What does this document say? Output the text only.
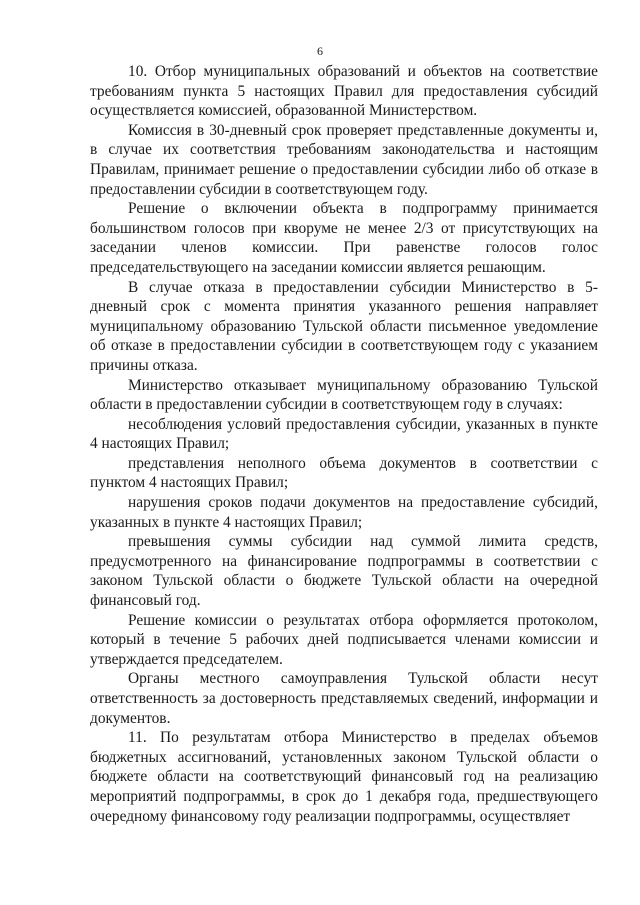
6

10. Отбор муниципальных образований и объектов на соответствие требованиям пункта 5 настоящих Правил для предоставления субсидий осуществляется комиссией, образованной Министерством.

Комиссия в 30-дневный срок проверяет представленные документы и, в случае их соответствия требованиям законодательства и настоящим Правилам, принимает решение о предоставлении субсидии либо об отказе в предоставлении субсидии в соответствующем году.

Решение о включении объекта в подпрограмму принимается большинством голосов при кворуме не менее 2/3 от присутствующих на заседании членов комиссии. При равенстве голосов голос председательствующего на заседании комиссии является решающим.

В случае отказа в предоставлении субсидии Министерство в 5-дневный срок с момента принятия указанного решения направляет муниципальному образованию Тульской области письменное уведомление об отказе в предоставлении субсидии в соответствующем году с указанием причины отказа.

Министерство отказывает муниципальному образованию Тульской области в предоставлении субсидии в соответствующем году в случаях:

несоблюдения условий предоставления субсидии, указанных в пункте 4 настоящих Правил;

представления неполного объема документов в соответствии с пунктом 4 настоящих Правил;

нарушения сроков подачи документов на предоставление субсидий, указанных в пункте 4 настоящих Правил;

превышения суммы субсидии над суммой лимита средств, предусмотренного на финансирование подпрограммы в соответствии с законом Тульской области о бюджете Тульской области на очередной финансовый год.

Решение комиссии о результатах отбора оформляется протоколом, который в течение 5 рабочих дней подписывается членами комиссии и утверждается председателем.

Органы местного самоуправления Тульской области несут ответственность за достоверность представляемых сведений, информации и документов.

11. По результатам отбора Министерство в пределах объемов бюджетных ассигнований, установленных законом Тульской области о бюджете области на соответствующий финансовый год на реализацию мероприятий подпрограммы, в срок до 1 декабря года, предшествующего очередному финансовому году реализации подпрограммы, осуществляет
